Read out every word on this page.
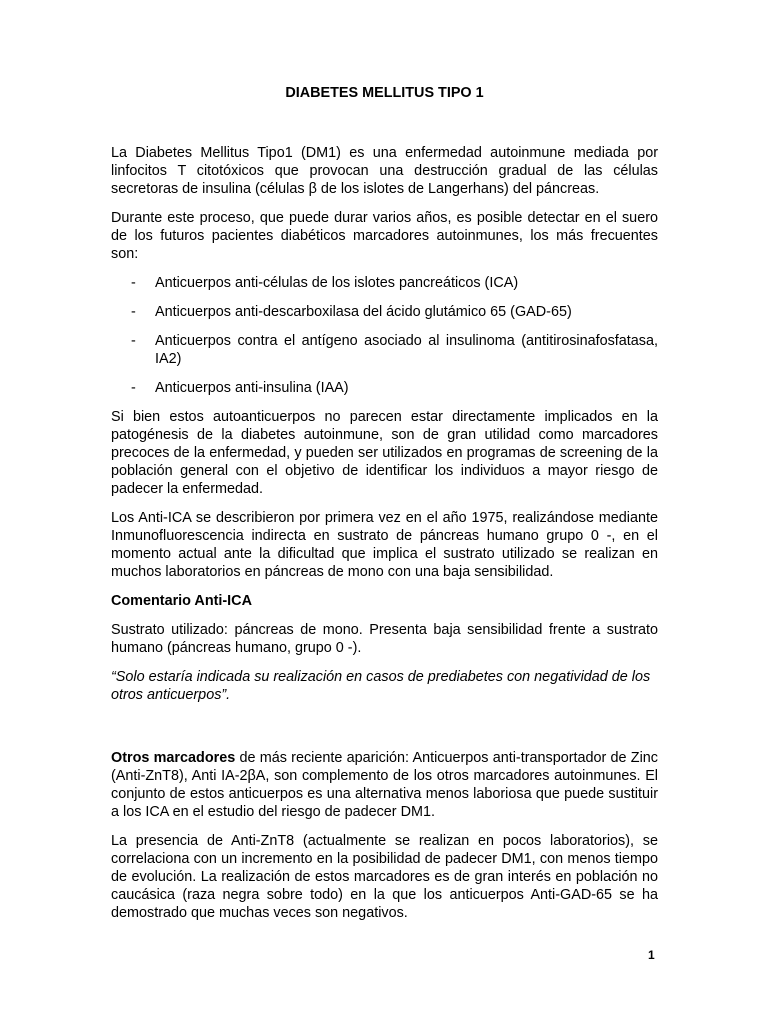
DIABETES MELLITUS TIPO 1

La Diabetes Mellitus Tipo1 (DM1) es una enfermedad autoinmune mediada por linfocitos T citotóxicos que provocan una destrucción gradual de las células secretoras de insulina (células β de los islotes de Langerhans) del páncreas.

Durante este proceso, que puede durar varios años, es posible detectar en el suero de los futuros pacientes diabéticos marcadores autoinmunes, los más frecuentes son:

- Anticuerpos anti-células de los islotes pancreáticos (ICA)
- Anticuerpos anti-descarboxilasa del ácido glutámico 65 (GAD-65)
- Anticuerpos contra el antígeno asociado al insulinoma (antitirosinafosfatasa, IA2)
- Anticuerpos anti-insulina (IAA)

Si bien estos autoanticuerpos no parecen estar directamente implicados en la patogénesis de la diabetes autoinmune, son de gran utilidad como marcadores precoces de la enfermedad, y pueden ser utilizados en programas de screening de la población general con el objetivo de identificar los individuos a mayor riesgo de padecer la enfermedad.

Los Anti-ICA se describieron por primera vez en el año 1975, realizándose mediante Inmunofluorescencia indirecta en sustrato de páncreas humano grupo 0 -, en el momento actual ante la dificultad que implica el sustrato utilizado se realizan en muchos laboratorios en páncreas de mono con una baja sensibilidad.

Comentario Anti-ICA

Sustrato utilizado: páncreas de mono. Presenta baja sensibilidad frente a sustrato humano (páncreas humano, grupo 0 -).

“Solo estaría indicada su realización en casos de prediabetes con negatividad de los otros anticuerpos”.

Otros marcadores de más reciente aparición: Anticuerpos anti-transportador de Zinc (Anti-ZnT8), Anti IA-2βA, son complemento de los otros marcadores autoinmunes. El conjunto de estos anticuerpos es una alternativa menos laboriosa que puede sustituir a los ICA en el estudio del riesgo de padecer DM1.

La presencia de Anti-ZnT8 (actualmente se realizan en pocos laboratorios), se correlaciona con un incremento en la posibilidad de padecer DM1, con menos tiempo de evolución. La realización de estos marcadores es de gran interés en población no caucásica (raza negra sobre todo) en la que los anticuerpos Anti-GAD-65 se ha demostrado que muchas veces son negativos.

1
